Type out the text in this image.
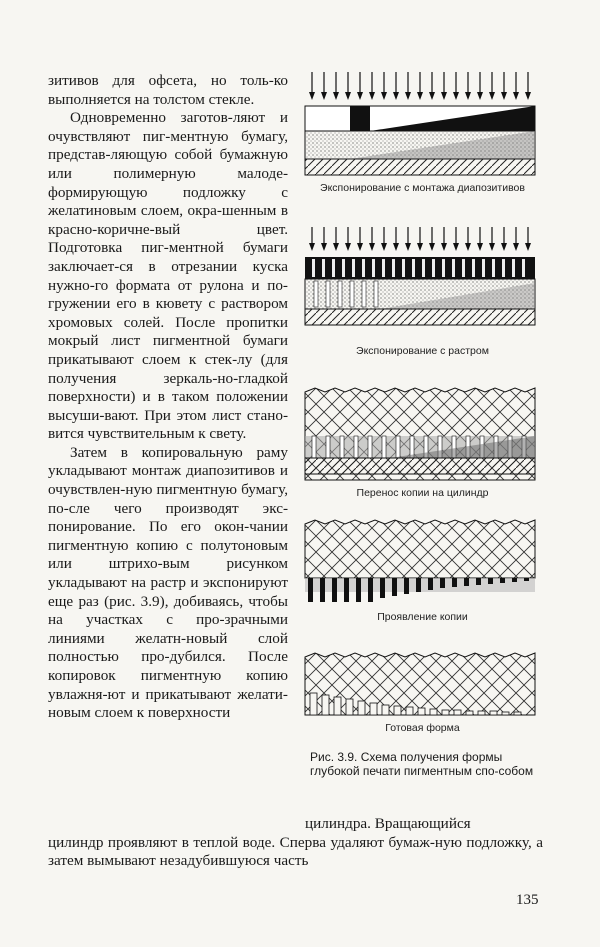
зитивов для офсета, но толь-ко выполняется на толстом стекле.

Одновременно заготов-ляют и очувствляют пиг-ментную бумагу, представ-ляющую собой бумажную или полимерную малоде-формирующую подложку с желатиновым слоем, окра-шенным в красно-коричне-вый цвет. Подготовка пиг-ментной бумаги заключает-ся в отрезании куска нужно-го формата от рулона и по-гружении его в кювету с раствором хромовых солей. После пропитки мокрый лист пигментной бумаги прикатывают слоем к стек-лу (для получения зеркаль-но-гладкой поверхности) и в таком положении высуши-вают. При этом лист стано-вится чувствительным к свету.

Затем в копировальную раму укладывают монтаж диапозитивов и очувствлен-ную пигментную бумагу, по-сле чего производят экс-понирование. По его окон-чании пигментную копию с полутоновым или штрихо-вым рисунком укладывают на растр и экспонируют еще раз (рис. 3.9), добиваясь, чтобы на участках с про-зрачными линиями желатн-новый слой полностью про-дубился. После копировок пигментную копию увлажня-ют и прикатывают желати-новым слоем к поверхности

Экспонирование с монтажа диапозитивов
Экспонирование с растром
Перенос копии на цилиндр
Проявление копии
Готовая форма
Рис. 3.9. Схема получения формы глубокой печати пигментным спо-собом
цилиндра. Вращающийся
цилиндр проявляют в теплой воде. Сперва удаляют бумаж-ную подложку, а затем вымывают незадубившуюся часть
135
